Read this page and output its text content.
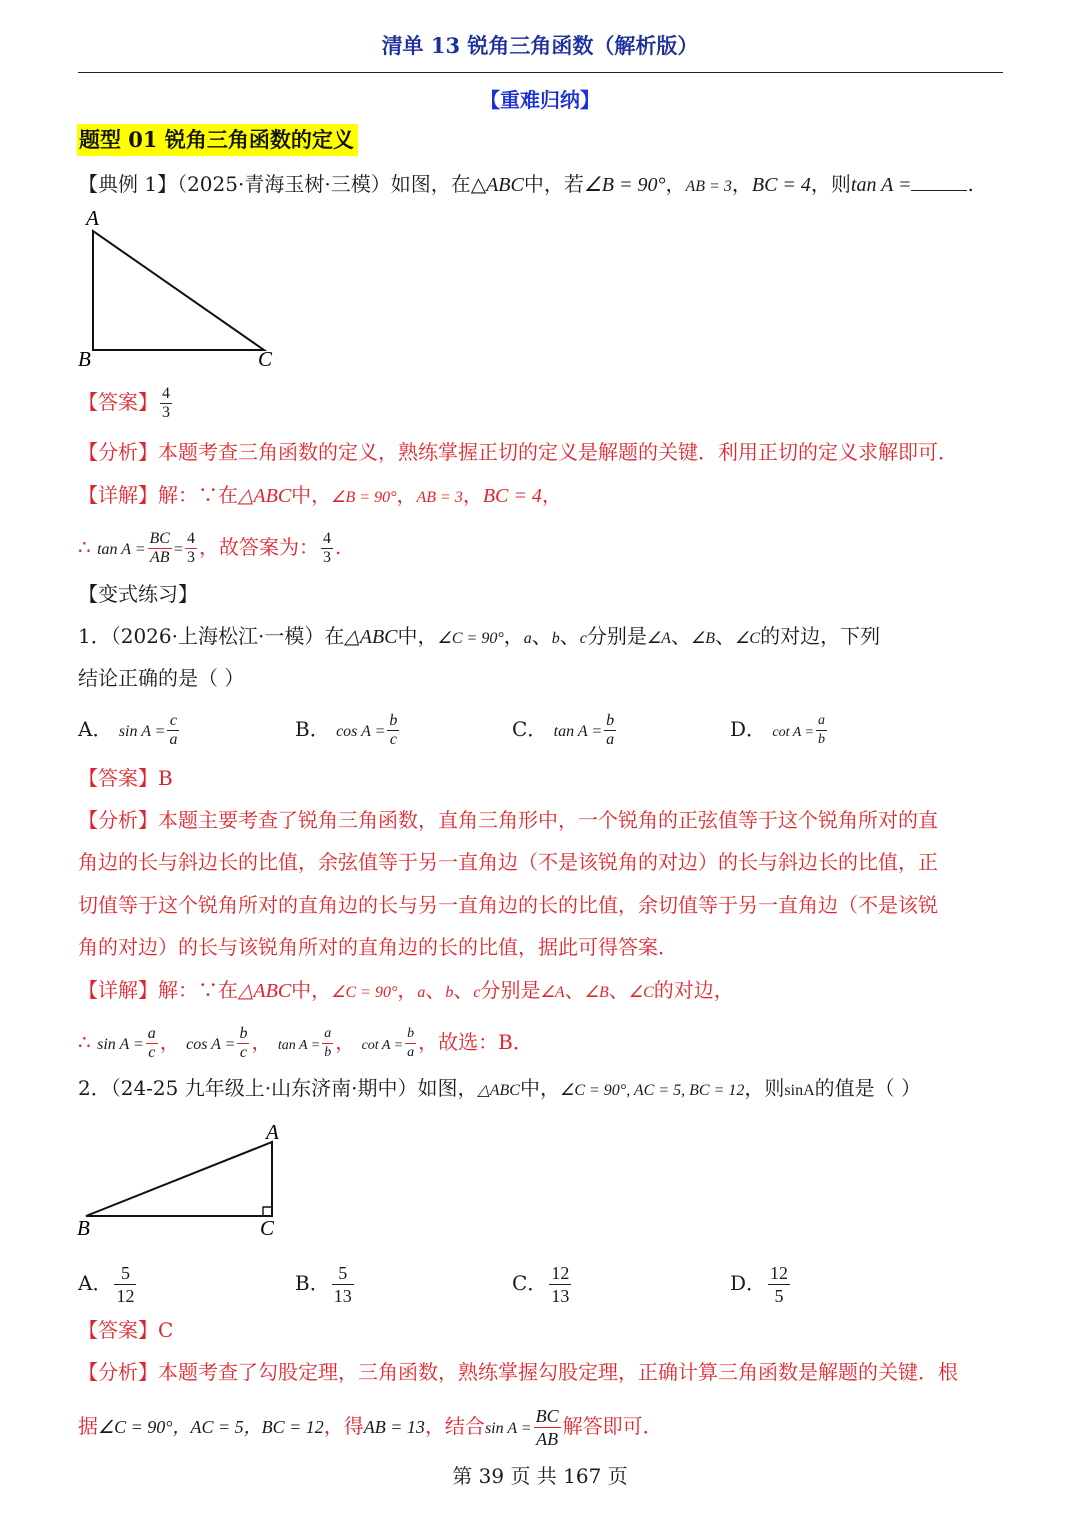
清单 13 锐角三角函数（解析版）
【重难归纳】
题型 01 锐角三角函数的定义
【典例 1】（2025·青海玉树·三模）如图，在△ABC中，若∠B = 90°，AB = 3，BC = 4，则tan A =	.
A
B	C
【答案】 $\frac{4}{3}$
【分析】本题考查三角函数的定义，熟练掌握正切的定义是解题的关键．利用正切的定义求解即可．
【详解】解：∵在△ABC中，∠B = 90°，AB = 3，BC = 4，
∴ $\tan A = \frac{BC}{AB} = \frac{4}{3}$ ，故答案为： $\frac{4}{3}$ .
【变式练习】
1．（2026·上海松江·一模）在△ABC中，∠C = 90°，a、b、c分别是∠A、∠B、∠C的对边，下列
结论正确的是（ ）
A． $\sin A = \frac{c}{a}$	B． $\cos A = \frac{b}{c}$	C． $\tan A = \frac{b}{a}$	D． $\cot A = \frac{a}{b}$
【答案】B
【分析】本题主要考查了锐角三角函数，直角三角形中，一个锐角的正弦值等于这个锐角所对的直
角边的长与斜边长的比值，余弦值等于另一直角边（不是该锐角的对边）的长与斜边长的比值，正
切值等于这个锐角所对的直角边的长与另一直角边的长的比值，余切值等于另一直角边（不是该锐
角的对边）的长与该锐角所对的直角边的长的比值，据此可得答案．
【详解】解：∵在△ABC中，∠C = 90°，a、b、c分别是∠A、∠B、∠C的对边，
∴ $\sin A = \frac{a}{c}$ ， $\cos A = \frac{b}{c}$ ， $\tan A = \frac{a}{b}$ ， $\cot A = \frac{b}{a}$ ，故选：B．
2．（24-25 九年级上·山东济南·期中）如图，△ABC中，∠C = 90°, AC = 5, BC = 12，则sinA的值是（ ）
A
B	C
A． $\frac{5}{12}$	B． $\frac{5}{13}$	C． $\frac{12}{13}$	D． $\frac{12}{5}$
【答案】C
【分析】本题考查了勾股定理，三角函数，熟练掌握勾股定理，正确计算三角函数是解题的关键．根
据∠C = 90°，AC = 5，BC = 12，得AB = 13，结合$\sin A = \frac{BC}{AB}$ 解答即可．
第 39 页 共 167 页
